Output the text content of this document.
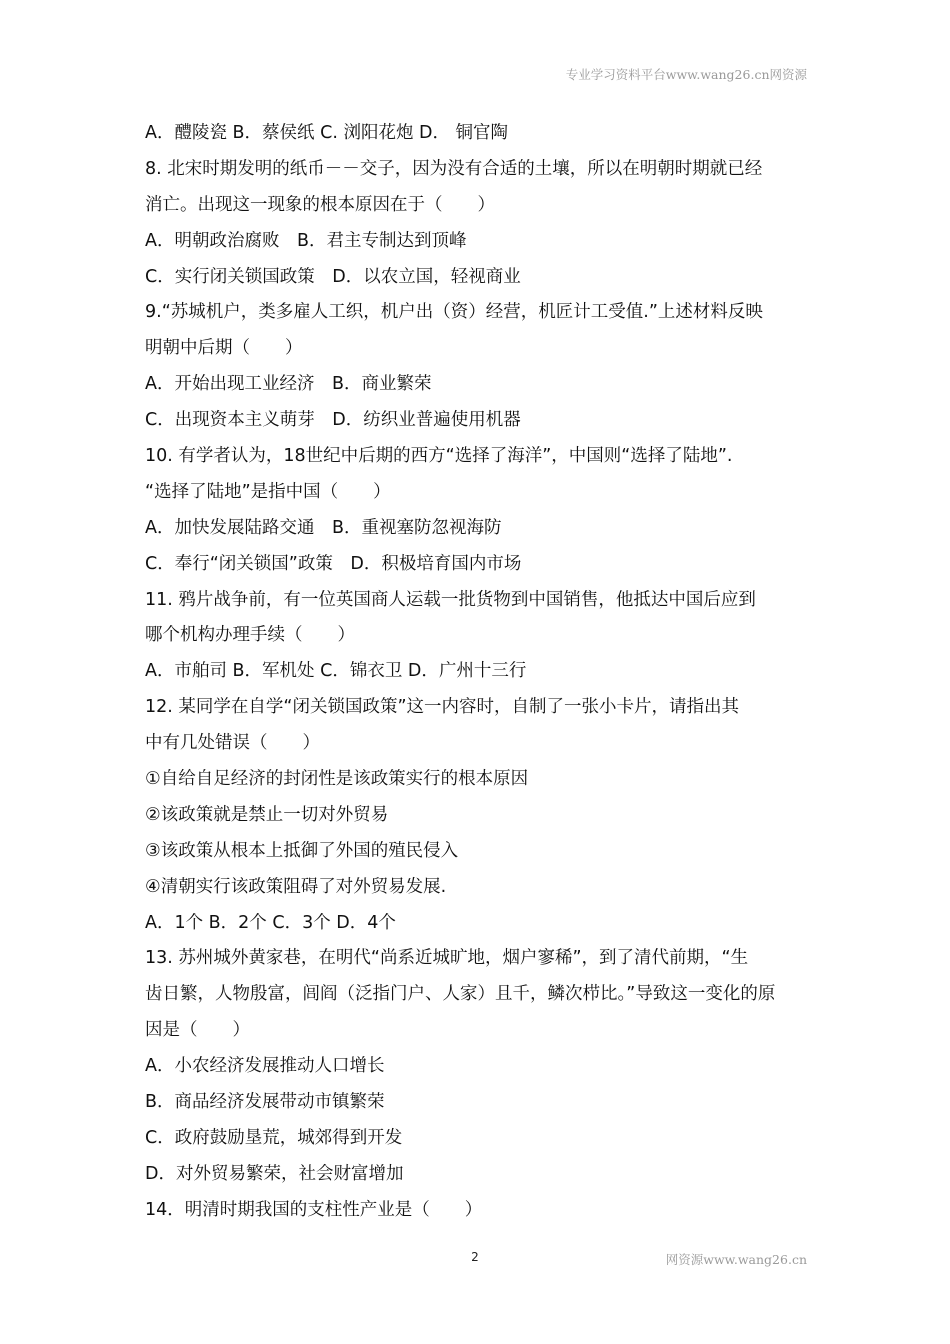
专业学习资料平台www.wang26.cn网资源
A．醴陵瓷 B．蔡侯纸 C. 浏阳花炮 D． 铜官陶
8. 北宋时期发明的纸币－－交子，因为没有合适的土壤，所以在明朝时期就已经
消亡。出现这一现象的根本原因在于（　　）
A．明朝政治腐败　B．君主专制达到顶峰
C．实行闭关锁国政策　D．以农立国，轻视商业
9.“苏城机户，类多雇人工织，机户出（资）经营，机匠计工受值.”上述材料反映
明朝中后期（　　）
A．开始出现工业经济　B．商业繁荣
C．出现资本主义萌芽　D．纺织业普遍使用机器
10. 有学者认为，18世纪中后期的西方“选择了海洋”，中国则“选择了陆地”.
“选择了陆地”是指中国（　　）
A．加快发展陆路交通　B．重视塞防忽视海防
C．奉行“闭关锁国”政策　D．积极培育国内市场
11. 鸦片战争前，有一位英国商人运载一批货物到中国销售，他抵达中国后应到
哪个机构办理手续（　　）
A．市舶司 B．军机处 C．锦衣卫 D．广州十三行
12. 某同学在自学“闭关锁国政策”这一内容时，自制了一张小卡片，请指出其
中有几处错误（　　）
①自给自足经济的封闭性是该政策实行的根本原因
②该政策就是禁止一切对外贸易
③该政策从根本上抵御了外国的殖民侵入
④清朝实行该政策阻碍了对外贸易发展.
A．1个 B．2个 C．3个 D．4个
13. 苏州城外黄家巷，在明代“尚系近城旷地，烟户寥稀”，到了清代前期，“生
齿日繁，人物殷富，闾阎（泛指门户、人家）且千，鳞次栉比。”导致这一变化的原
因是（　　）
A．小农经济发展推动人口增长
B．商品经济发展带动市镇繁荣
C．政府鼓励垦荒，城郊得到开发
D．对外贸易繁荣，社会财富增加
14．明清时期我国的支柱性产业是（　　）
2	网资源www.wang26.cn
